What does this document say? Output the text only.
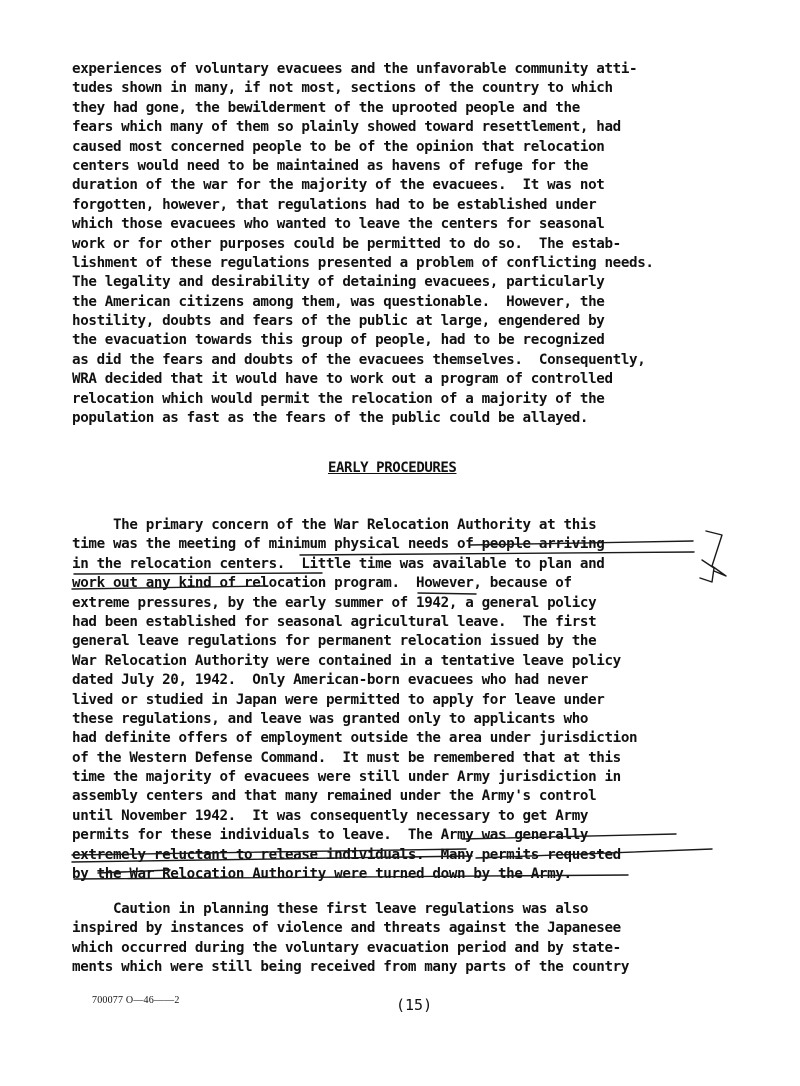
experiences of voluntary evacuees and the unfavorable community atti-
tudes shown in many, if not most, sections of the country to which
they had gone, the bewilderment of the uprooted people and the
fears which many of them so plainly showed toward resettlement, had
caused most concerned people to be of the opinion that relocation
centers would need to be maintained as havens of refuge for the
duration of the war for the majority of the evacuees.  It was not
forgotten, however, that regulations had to be established under
which those evacuees who wanted to leave the centers for seasonal
work or for other purposes could be permitted to do so.  The estab-
lishment of these regulations presented a problem of conflicting needs.
The legality and desirability of detaining evacuees, particularly
the American citizens among them, was questionable.  However, the
hostility, doubts and fears of the public at large, engendered by
the evacuation towards this group of people, had to be recognized
as did the fears and doubts of the evacuees themselves.  Consequently,
WRA decided that it would have to work out a program of controlled
relocation which would permit the relocation of a majority of the
population as fast as the fears of the public could be allayed.
EARLY PROCEDURES
The primary concern of the War Relocation Authority at this
time was the meeting of minimum physical needs of people arriving
in the relocation centers.  Little time was available to plan and
work out any kind of relocation program.  However, because of
extreme pressures, by the early summer of 1942, a general policy
had been established for seasonal agricultural leave.  The first
general leave regulations for permanent relocation issued by the
War Relocation Authority were contained in a tentative leave policy
dated July 20, 1942.  Only American-born evacuees who had never
lived or studied in Japan were permitted to apply for leave under
these regulations, and leave was granted only to applicants who
had definite offers of employment outside the area under jurisdiction
of the Western Defense Command.  It must be remembered that at this
time the majority of evacuees were still under Army jurisdiction in
assembly centers and that many remained under the Army's control
until November 1942.  It was consequently necessary to get Army
permits for these individuals to leave.  The Army was generally
extremely reluctant to release individuals.  Many permits requested
by the War Relocation Authority were turned down by the Army.
Caution in planning these first leave regulations was also
inspired by instances of violence and threats against the Japanesee
which occurred during the voluntary evacuation period and by state-
ments which were still being received from many parts of the country
700077 O—46——2	(15)
